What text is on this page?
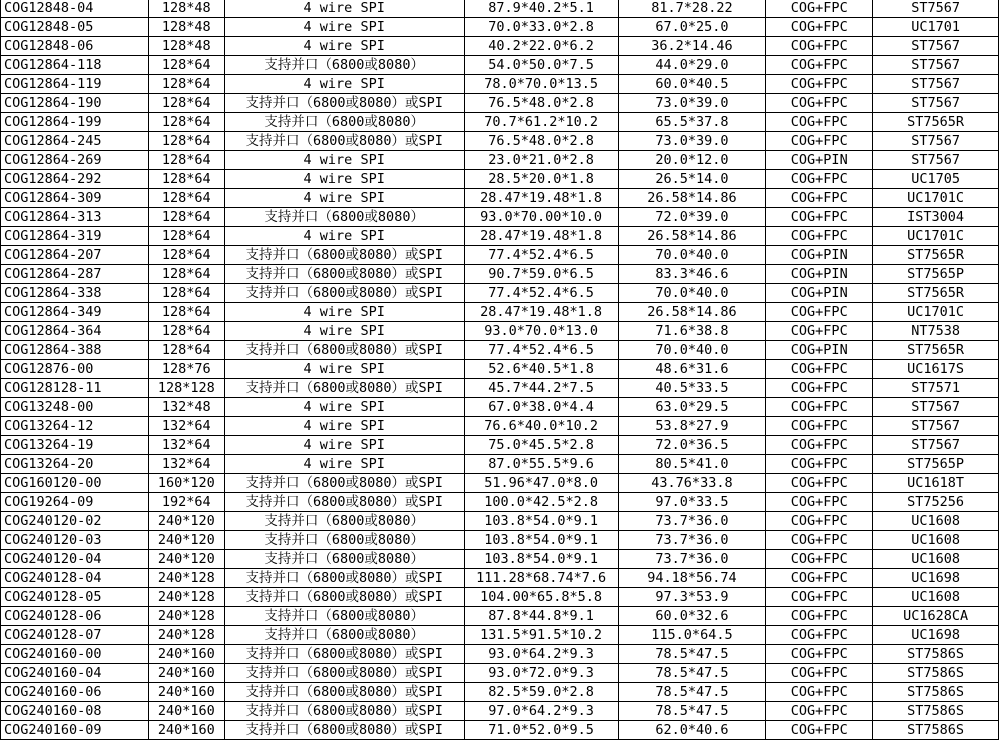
COG12848-04	128*48	4 wire SPI	87.9*40.2*5.1	81.7*28.22	COG+FPC	ST7567
COG12848-05	128*48	4 wire SPI	70.0*33.0*2.8	67.0*25.0	COG+FPC	UC1701
COG12848-06	128*48	4 wire SPI	40.2*22.0*6.2	36.2*14.46	COG+FPC	ST7567
COG12864-118	128*64	支持并口（6800或8080）	54.0*50.0*7.5	44.0*29.0	COG+FPC	ST7567
COG12864-119	128*64	4 wire SPI	78.0*70.0*13.5	60.0*40.5	COG+FPC	ST7567
COG12864-190	128*64	支持并口（6800或8080）或SPI	76.5*48.0*2.8	73.0*39.0	COG+FPC	ST7567
COG12864-199	128*64	支持并口（6800或8080）	70.7*61.2*10.2	65.5*37.8	COG+FPC	ST7565R
COG12864-245	128*64	支持并口（6800或8080）或SPI	76.5*48.0*2.8	73.0*39.0	COG+FPC	ST7567
COG12864-269	128*64	4 wire SPI	23.0*21.0*2.8	20.0*12.0	COG+PIN	ST7567
COG12864-292	128*64	4 wire SPI	28.5*20.0*1.8	26.5*14.0	COG+FPC	UC1705
COG12864-309	128*64	4 wire SPI	28.47*19.48*1.8	26.58*14.86	COG+FPC	UC1701C
COG12864-313	128*64	支持并口（6800或8080）	93.0*70.00*10.0	72.0*39.0	COG+FPC	IST3004
COG12864-319	128*64	4 wire SPI	28.47*19.48*1.8	26.58*14.86	COG+FPC	UC1701C
COG12864-207	128*64	支持并口（6800或8080）或SPI	77.4*52.4*6.5	70.0*40.0	COG+PIN	ST7565R
COG12864-287	128*64	支持并口（6800或8080）或SPI	90.7*59.0*6.5	83.3*46.6	COG+PIN	ST7565P
COG12864-338	128*64	支持并口（6800或8080）或SPI	77.4*52.4*6.5	70.0*40.0	COG+PIN	ST7565R
COG12864-349	128*64	4 wire SPI	28.47*19.48*1.8	26.58*14.86	COG+FPC	UC1701C
COG12864-364	128*64	4 wire SPI	93.0*70.0*13.0	71.6*38.8	COG+FPC	NT7538
COG12864-388	128*64	支持并口（6800或8080）或SPI	77.4*52.4*6.5	70.0*40.0	COG+PIN	ST7565R
COG12876-00	128*76	4 wire SPI	52.6*40.5*1.8	48.6*31.6	COG+FPC	UC1617S
COG128128-11	128*128	支持并口（6800或8080）或SPI	45.7*44.2*7.5	40.5*33.5	COG+FPC	ST7571
COG13248-00	132*48	4 wire SPI	67.0*38.0*4.4	63.0*29.5	COG+FPC	ST7567
COG13264-12	132*64	4 wire SPI	76.6*40.0*10.2	53.8*27.9	COG+FPC	ST7567
COG13264-19	132*64	4 wire SPI	75.0*45.5*2.8	72.0*36.5	COG+FPC	ST7567
COG13264-20	132*64	4 wire SPI	87.0*55.5*9.6	80.5*41.0	COG+FPC	ST7565P
COG160120-00	160*120	支持并口（6800或8080）或SPI	51.96*47.0*8.0	43.76*33.8	COG+FPC	UC1618T
COG19264-09	192*64	支持并口（6800或8080）或SPI	100.0*42.5*2.8	97.0*33.5	COG+FPC	ST75256
COG240120-02	240*120	支持并口（6800或8080）	103.8*54.0*9.1	73.7*36.0	COG+FPC	UC1608
COG240120-03	240*120	支持并口（6800或8080）	103.8*54.0*9.1	73.7*36.0	COG+FPC	UC1608
COG240120-04	240*120	支持并口（6800或8080）	103.8*54.0*9.1	73.7*36.0	COG+FPC	UC1608
COG240128-04	240*128	支持并口（6800或8080）或SPI	111.28*68.74*7.6	94.18*56.74	COG+FPC	UC1698
COG240128-05	240*128	支持并口（6800或8080）或SPI	104.00*65.8*5.8	97.3*53.9	COG+FPC	UC1608
COG240128-06	240*128	支持并口（6800或8080）	87.8*44.8*9.1	60.0*32.6	COG+FPC	UC1628CA
COG240128-07	240*128	支持并口（6800或8080）	131.5*91.5*10.2	115.0*64.5	COG+FPC	UC1698
COG240160-00	240*160	支持并口（6800或8080）或SPI	93.0*64.2*9.3	78.5*47.5	COG+FPC	ST7586S
COG240160-04	240*160	支持并口（6800或8080）或SPI	93.0*72.0*9.3	78.5*47.5	COG+FPC	ST7586S
COG240160-06	240*160	支持并口（6800或8080）或SPI	82.5*59.0*2.8	78.5*47.5	COG+FPC	ST7586S
COG240160-08	240*160	支持并口（6800或8080）或SPI	97.0*64.2*9.3	78.5*47.5	COG+FPC	ST7586S
COG240160-09	240*160	支持并口（6800或8080）或SPI	71.0*52.0*9.5	62.0*40.6	COG+FPC	ST7586S
